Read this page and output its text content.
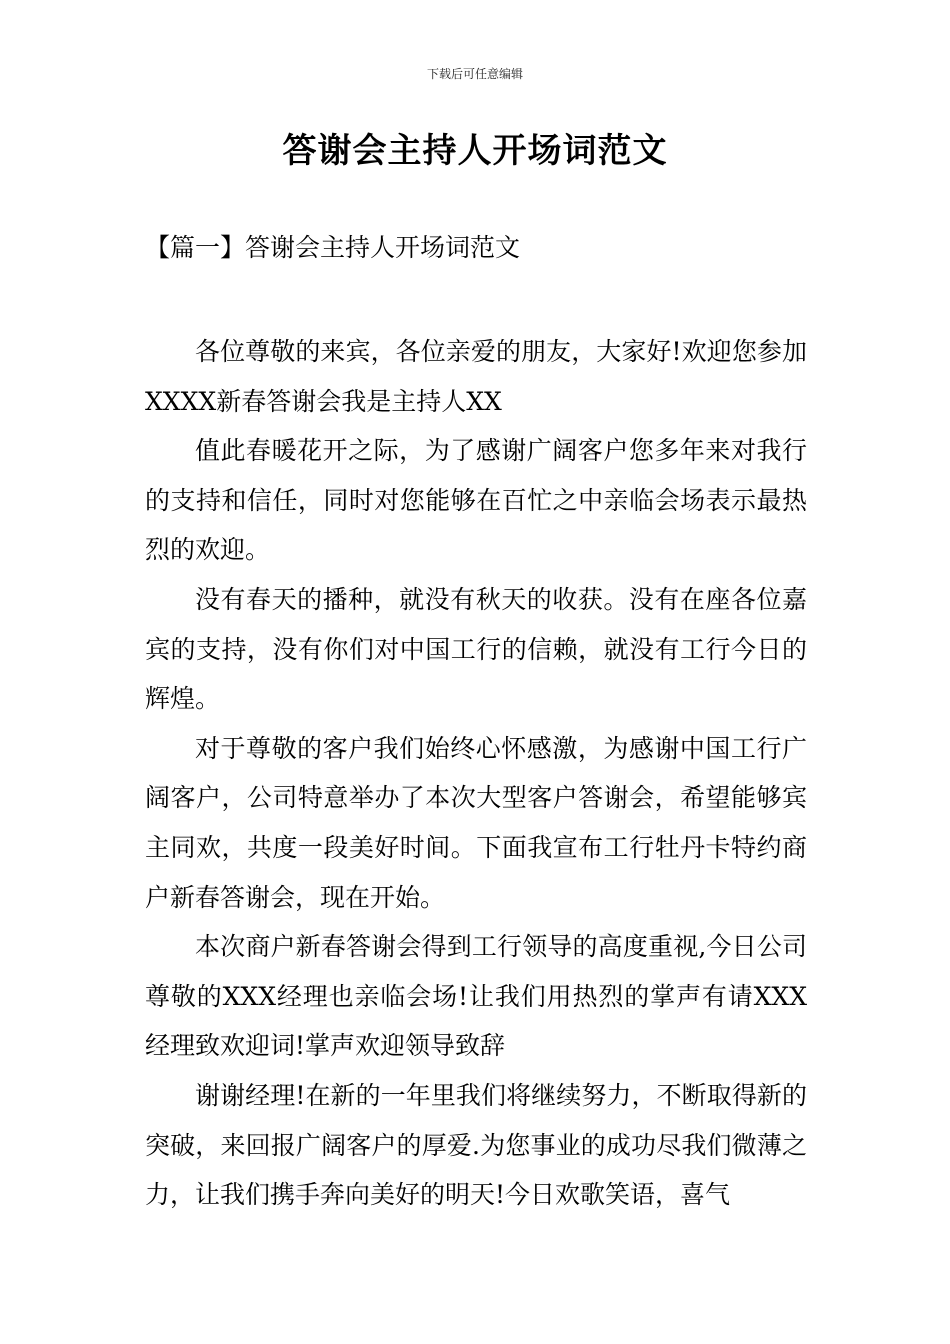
下载后可任意编辑
答谢会主持人开场词范文
【篇一】答谢会主持人开场词范文

各位尊敬的来宾，各位亲爱的朋友，大家好!欢迎您参加XXXX新春答谢会我是主持人XX

值此春暖花开之际，为了感谢广阔客户您多年来对我行的支持和信任，同时对您能够在百忙之中亲临会场表示最热烈的欢迎。

没有春天的播种，就没有秋天的收获。没有在座各位嘉宾的支持，没有你们对中国工行的信赖，就没有工行今日的辉煌。

对于尊敬的客户我们始终心怀感激，为感谢中国工行广阔客户，公司特意举办了本次大型客户答谢会，希望能够宾主同欢，共度一段美好时间。下面我宣布工行牡丹卡特约商户新春答谢会，现在开始。

本次商户新春答谢会得到工行领导的高度重视,今日公司尊敬的XXX经理也亲临会场!让我们用热烈的掌声有请XXX经理致欢迎词!掌声欢迎领导致辞

谢谢经理!在新的一年里我们将继续努力，不断取得新的突破，来回报广阔客户的厚爱.为您事业的成功尽我们微薄之力，让我们携手奔向美好的明天!今日欢歌笑语，喜气
